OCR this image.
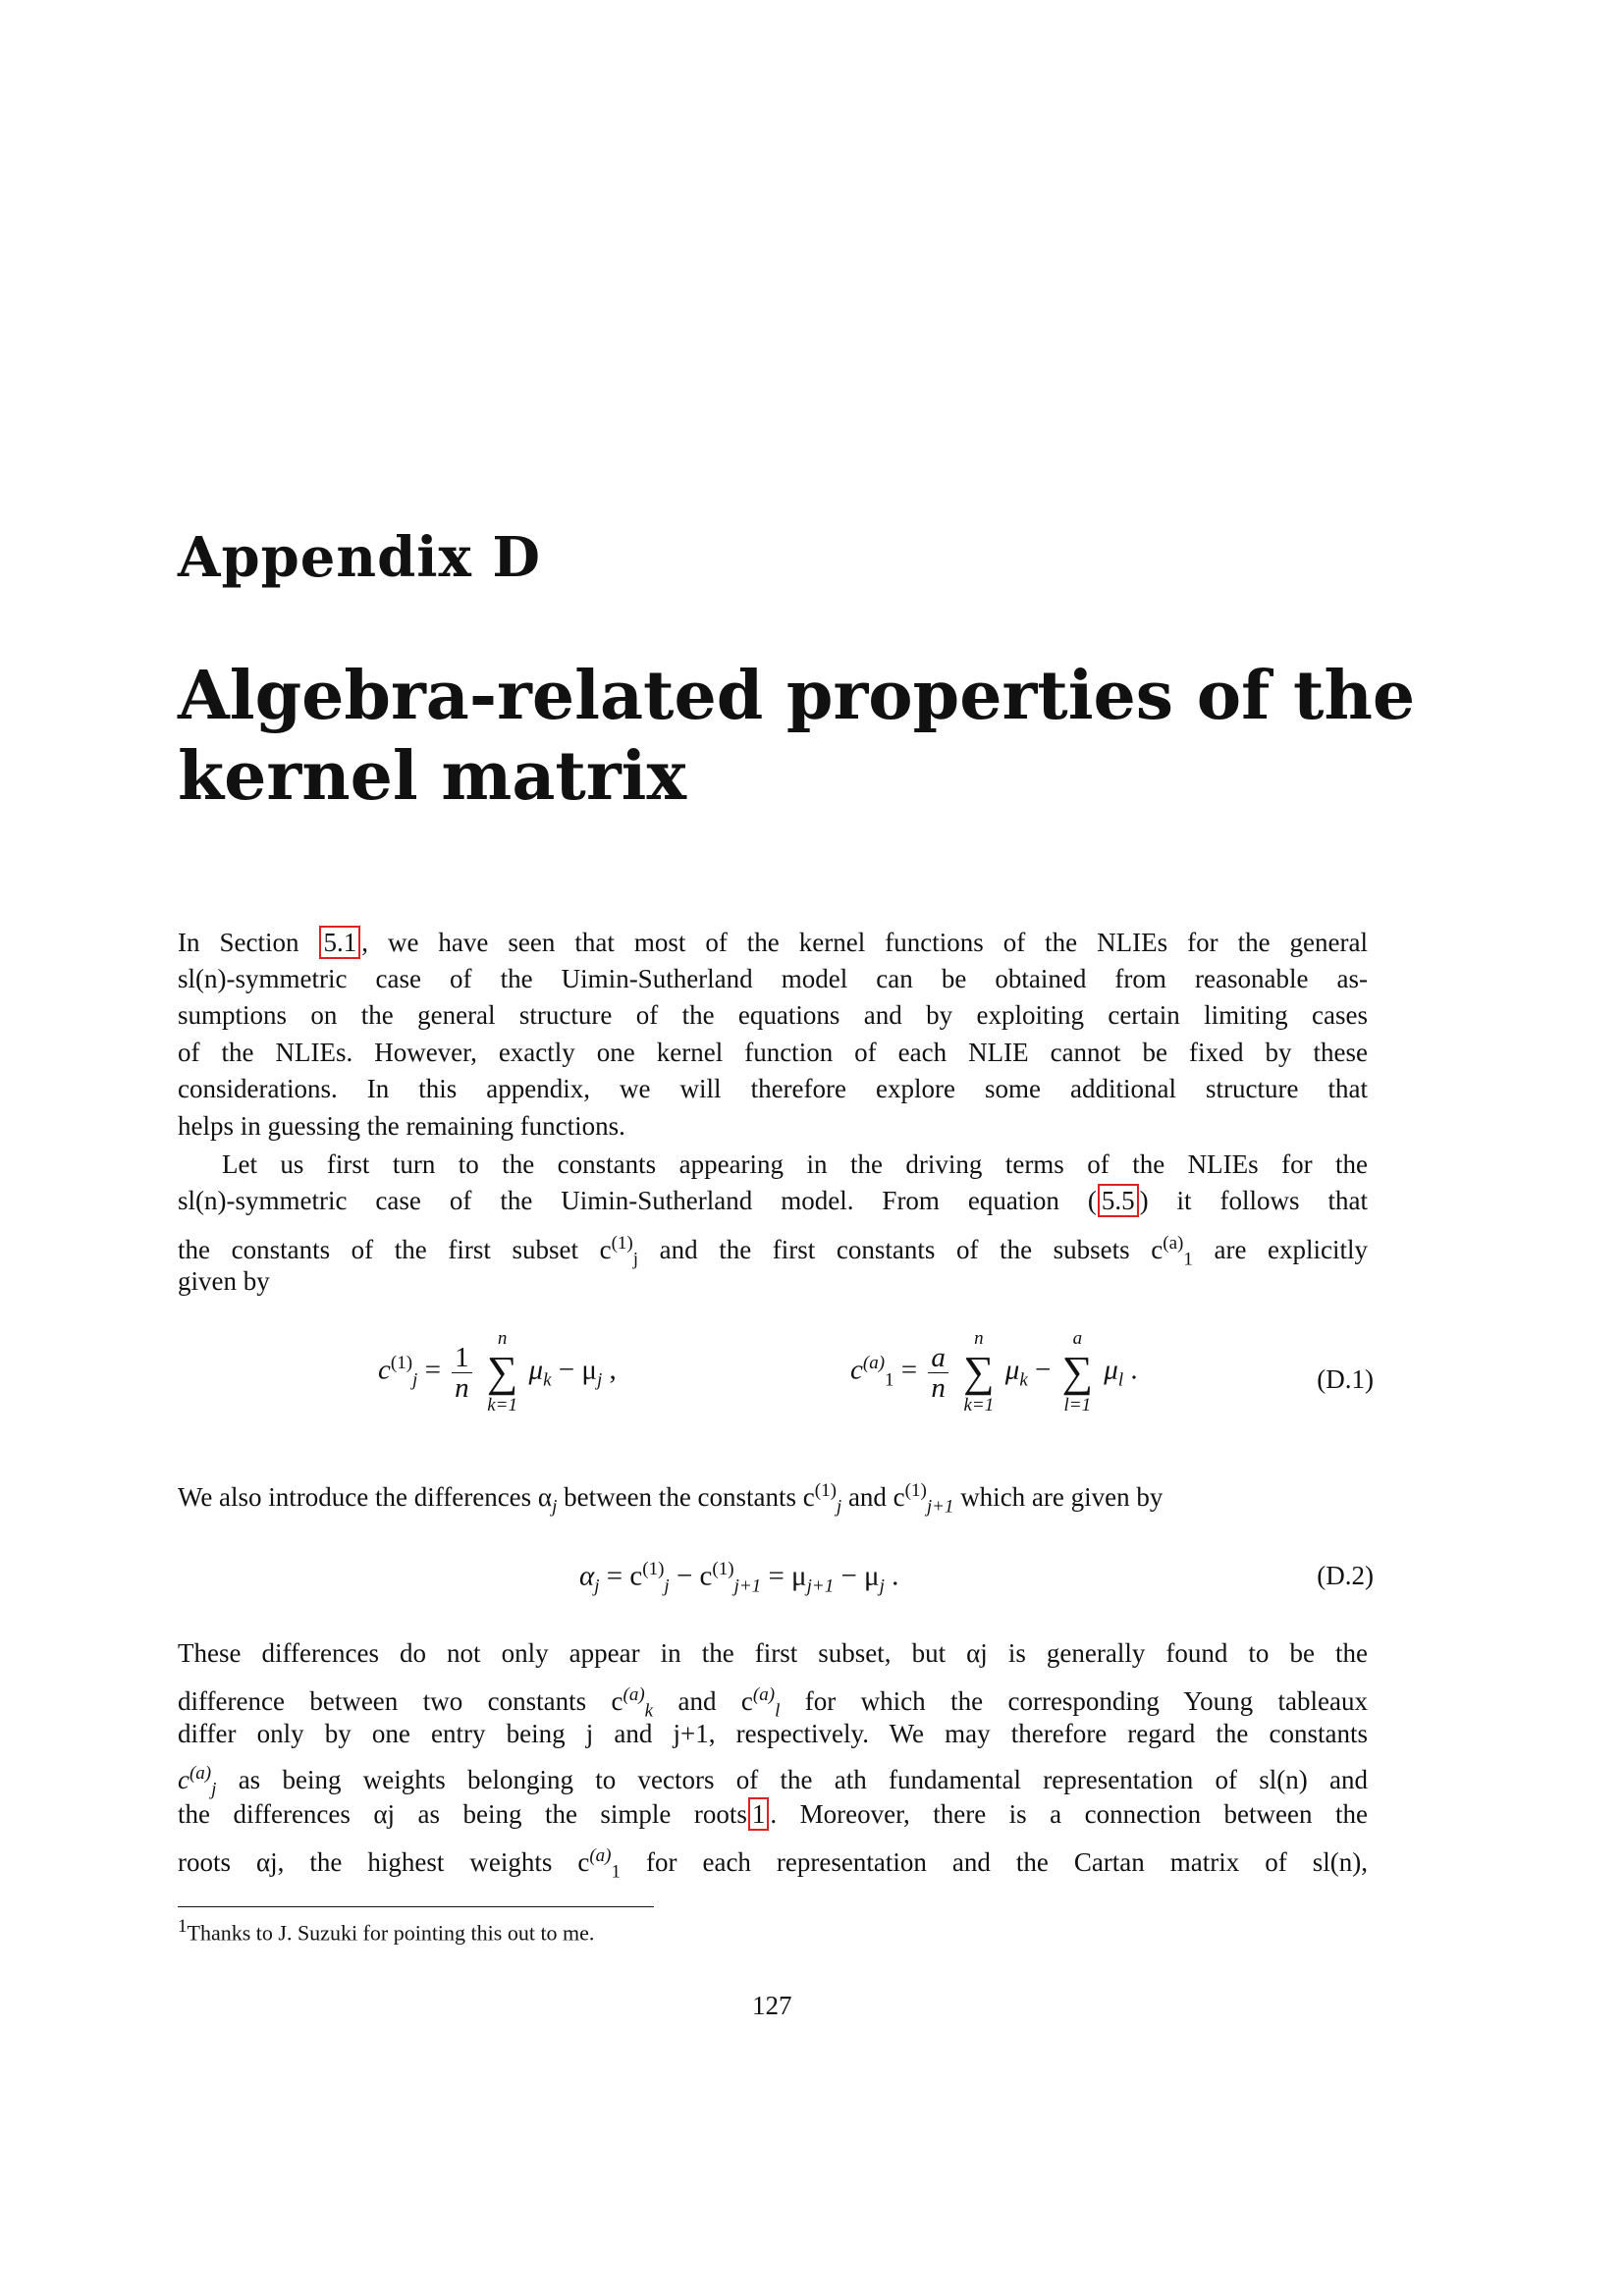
Appendix D
Algebra-related properties of the
kernel matrix
In Section 5.1 , we have seen that most of the kernel functions of the NLIEs for the general
sl(n)-symmetric case of the Uimin-Sutherland model can be obtained from reasonable as-
sumptions on the general structure of the equations and by exploiting certain limiting cases
of the NLIEs. However, exactly one kernel function of each NLIE cannot be fixed by these
considerations. In this appendix, we will therefore explore some additional structure that
helps in guessing the remaining functions.
Let us first turn to the constants appearing in the driving terms of the NLIEs for the
sl(n)-symmetric case of the Uimin-Sutherland model. From equation ( 5.5 ) it follows that
the constants of the first subset $c^{(1)}_j$ and the first constants of the subsets $c^{(a)}_1$ are explicitly
given by
$c^{(1)}_j = \frac{1}{n}$

n
∑
k=1
$\mu_k - \mu_j$ ,	$c^{(a)}_1 = \frac{a}{n}$

n
∑
k=1
$\mu_k$ −
a
∑
l=1
$\mu_l$ .	(D.1)
We also introduce the differences $\alpha_j$ between the constants $c^{(1)}_j$ and $c^{(1)}_{j+1}$ which are given by
$\alpha_j = c^{(1)}_j - c^{(1)}_{j+1} = \mu_{j+1} - \mu_j$ .	(D.2)
These differences do not only appear in the first subset, but αj is generally found to be the
difference between two constants $c^{(a)}_k$ and $c^{(a)}_l$ for which the corresponding Young tableaux
differ only by one entry being j and j+1, respectively. We may therefore regard the constants
$c^{(a)}_j$ as being weights belonging to vectors of the ath fundamental representation of sl(n) and
the differences αj as being the simple roots 1 . Moreover, there is a connection between the
roots αj, the highest weights $c^{(a)}_1$ for each representation and the Cartan matrix of sl(n),
$^1$Thanks to J. Suzuki for pointing this out to me.
127
